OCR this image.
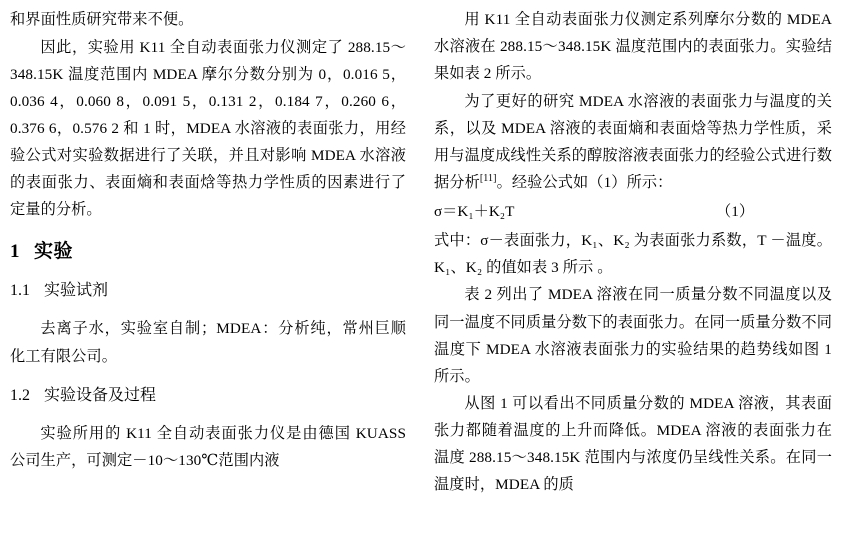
和界面性质研究带来不便。

因此，实验用 K11 全自动表面张力仪测定了 288.15～348.15K 温度范围内 MDEA 摩尔分数分别为 0，0.016 5，0.036 4，0.060 8，0.091 5，0.131 2，0.184 7，0.260 6，0.376 6，0.576 2 和 1 时，MDEA 水溶液的表面张力，用经验公式对实验数据进行了关联，并且对影响 MDEA 水溶液的表面张力、表面熵和表面焓等热力学性质的因素进行了定量的分析。

1 实验
1.1 实验试剂

去离子水，实验室自制；MDEA：分析纯，常州巨顺化工有限公司。

1.2 实验设备及过程

实验所用的 K11 全自动表面张力仪是由德国 KUASS 公司生产，可测定－10～130℃范围内液

用 K11 全自动表面张力仪测定系列摩尔分数的 MDEA 水溶液在 288.15～348.15K 温度范围内的表面张力。实验结果如表 2 所示。

为了更好的研究 MDEA 水溶液的表面张力与温度的关系，以及 MDEA 溶液的表面熵和表面焓等热力学性质，采用与温度成线性关系的醇胺溶液表面张力的经验公式进行数据分析[11]。经验公式如（1）所示：

σ＝K₁＋K₂T	（1）

式中：σ－表面张力，K₁、K₂ 为表面张力系数，T －温度。K₁、K₂ 的值如表 3 所示 。

表 2 列出了 MDEA 溶液在同一质量分数不同温度以及同一温度不同质量分数下的表面张力。在同一质量分数不同温度下 MDEA 水溶液表面张力的实验结果的趋势线如图 1 所示。

从图 1 可以看出不同质量分数的 MDEA 溶液，其表面张力都随着温度的上升而降低。MDEA 溶液的表面张力在温度 288.15～348.15K 范围内与浓度仍呈线性关系。在同一温度时，MDEA 的质
